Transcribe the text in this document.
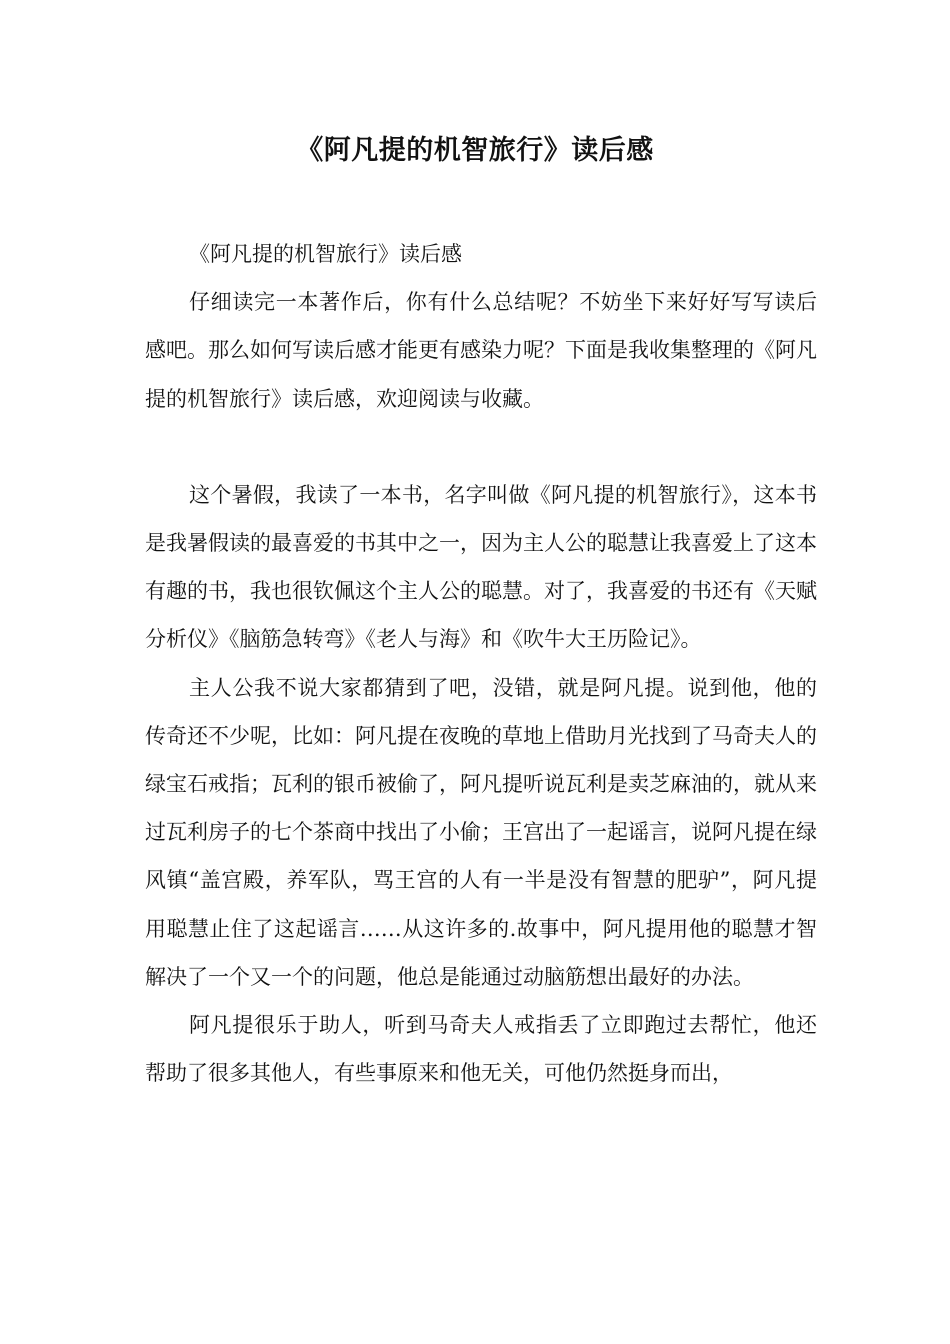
《阿凡提的机智旅行》读后感

《阿凡提的机智旅行》读后感

仔细读完一本著作后，你有什么总结呢？不妨坐下来好好写写读后感吧。那么如何写读后感才能更有感染力呢？下面是我收集整理的《阿凡提的机智旅行》读后感，欢迎阅读与收藏。

这个暑假，我读了一本书，名字叫做《阿凡提的机智旅行》，这本书是我暑假读的最喜爱的书其中之一，因为主人公的聪慧让我喜爱上了这本有趣的书，我也很钦佩这个主人公的聪慧。对了，我喜爱的书还有《天赋分析仪》《脑筋急转弯》《老人与海》和《吹牛大王历险记》。

主人公我不说大家都猜到了吧，没错，就是阿凡提。说到他，他的传奇还不少呢，比如：阿凡提在夜晚的草地上借助月光找到了马奇夫人的绿宝石戒指；瓦利的银币被偷了，阿凡提听说瓦利是卖芝麻油的，就从来过瓦利房子的七个茶商中找出了小偷；王宫出了一起谣言，说阿凡提在绿风镇“盖宫殿，养军队，骂王宫的人有一半是没有智慧的肥驴”，阿凡提用聪慧止住了这起谣言……从这许多的.故事中，阿凡提用他的聪慧才智解决了一个又一个的问题，他总是能通过动脑筋想出最好的办法。

阿凡提很乐于助人，听到马奇夫人戒指丢了立即跑过去帮忙，他还帮助了很多其他人，有些事原来和他无关，可他仍然挺身而出，
